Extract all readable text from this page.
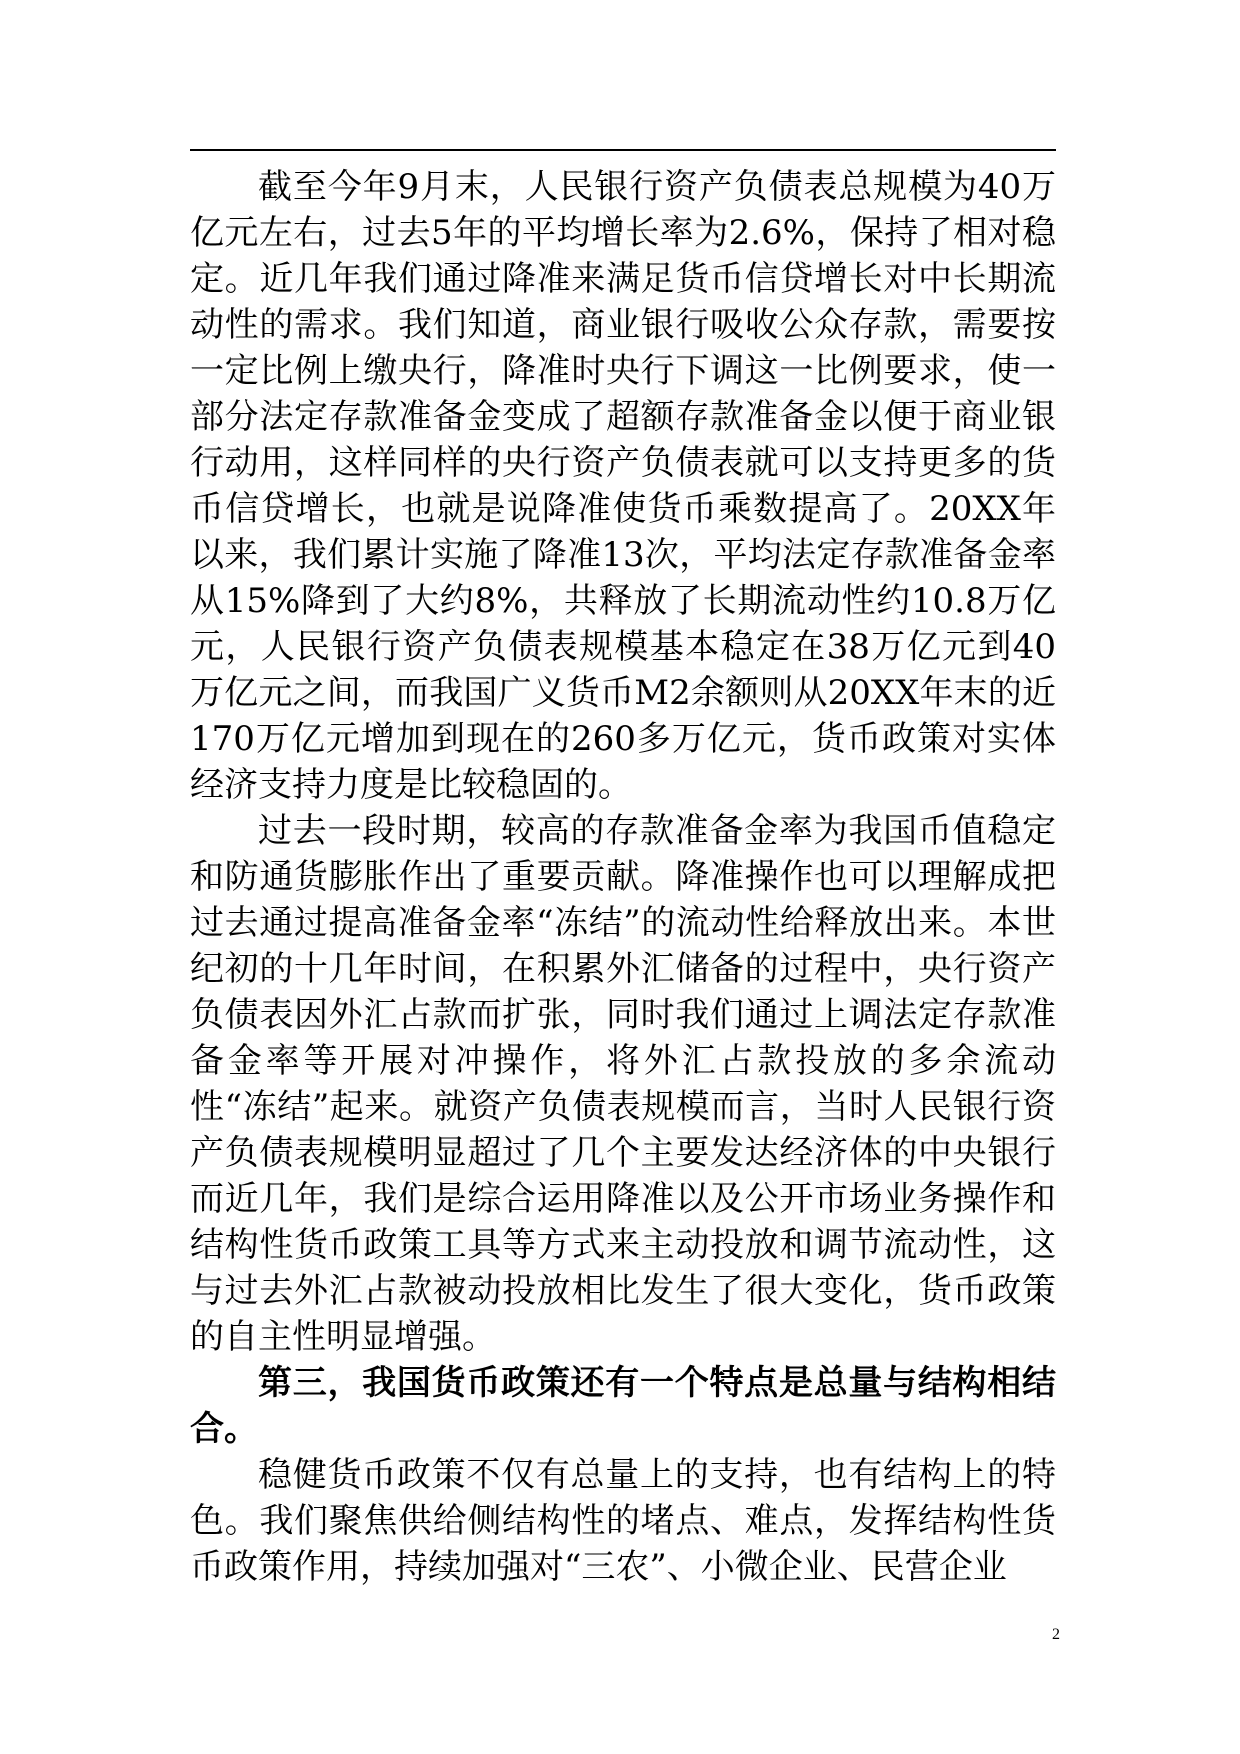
截至今年9月末，人民银行资产负债表总规模为40万亿元左右，过去5年的平均增长率为2.6%，保持了相对稳定。近几年我们通过降准来满足货币信贷增长对中长期流动性的需求。我们知道，商业银行吸收公众存款，需要按一定比例上缴央行，降准时央行下调这一比例要求，使一部分法定存款准备金变成了超额存款准备金以便于商业银行动用，这样同样的央行资产负债表就可以支持更多的货币信贷增长，也就是说降准使货币乘数提高了。20XX年以来，我们累计实施了降准13次，平均法定存款准备金率从15%降到了大约8%，共释放了长期流动性约10.8万亿元，人民银行资产负债表规模基本稳定在38万亿元到40万亿元之间，而我国广义货币M2余额则从20XX年末的近170万亿元增加到现在的260多万亿元，货币政策对实体经济支持力度是比较稳固的。

过去一段时期，较高的存款准备金率为我国币值稳定和防通货膨胀作出了重要贡献。降准操作也可以理解成把过去通过提高准备金率“冻结”的流动性给释放出来。本世纪初的十几年时间，在积累外汇储备的过程中，央行资产负债表因外汇占款而扩张，同时我们通过上调法定存款准备金率等开展对冲操作，将外汇占款投放的多余流动性“冻结”起来。就资产负债表规模而言，当时人民银行资产负债表规模明显超过了几个主要发达经济体的中央银行而近几年，我们是综合运用降准以及公开市场业务操作和结构性货币政策工具等方式来主动投放和调节流动性，这与过去外汇占款被动投放相比发生了很大变化，货币政策的自主性明显增强。

第三，我国货币政策还有一个特点是总量与结构相结合。

稳健货币政策不仅有总量上的支持，也有结构上的特色。我们聚焦供给侧结构性的堵点、难点，发挥结构性货币政策作用，持续加强对“三农”、小微企业、民营企业

2
